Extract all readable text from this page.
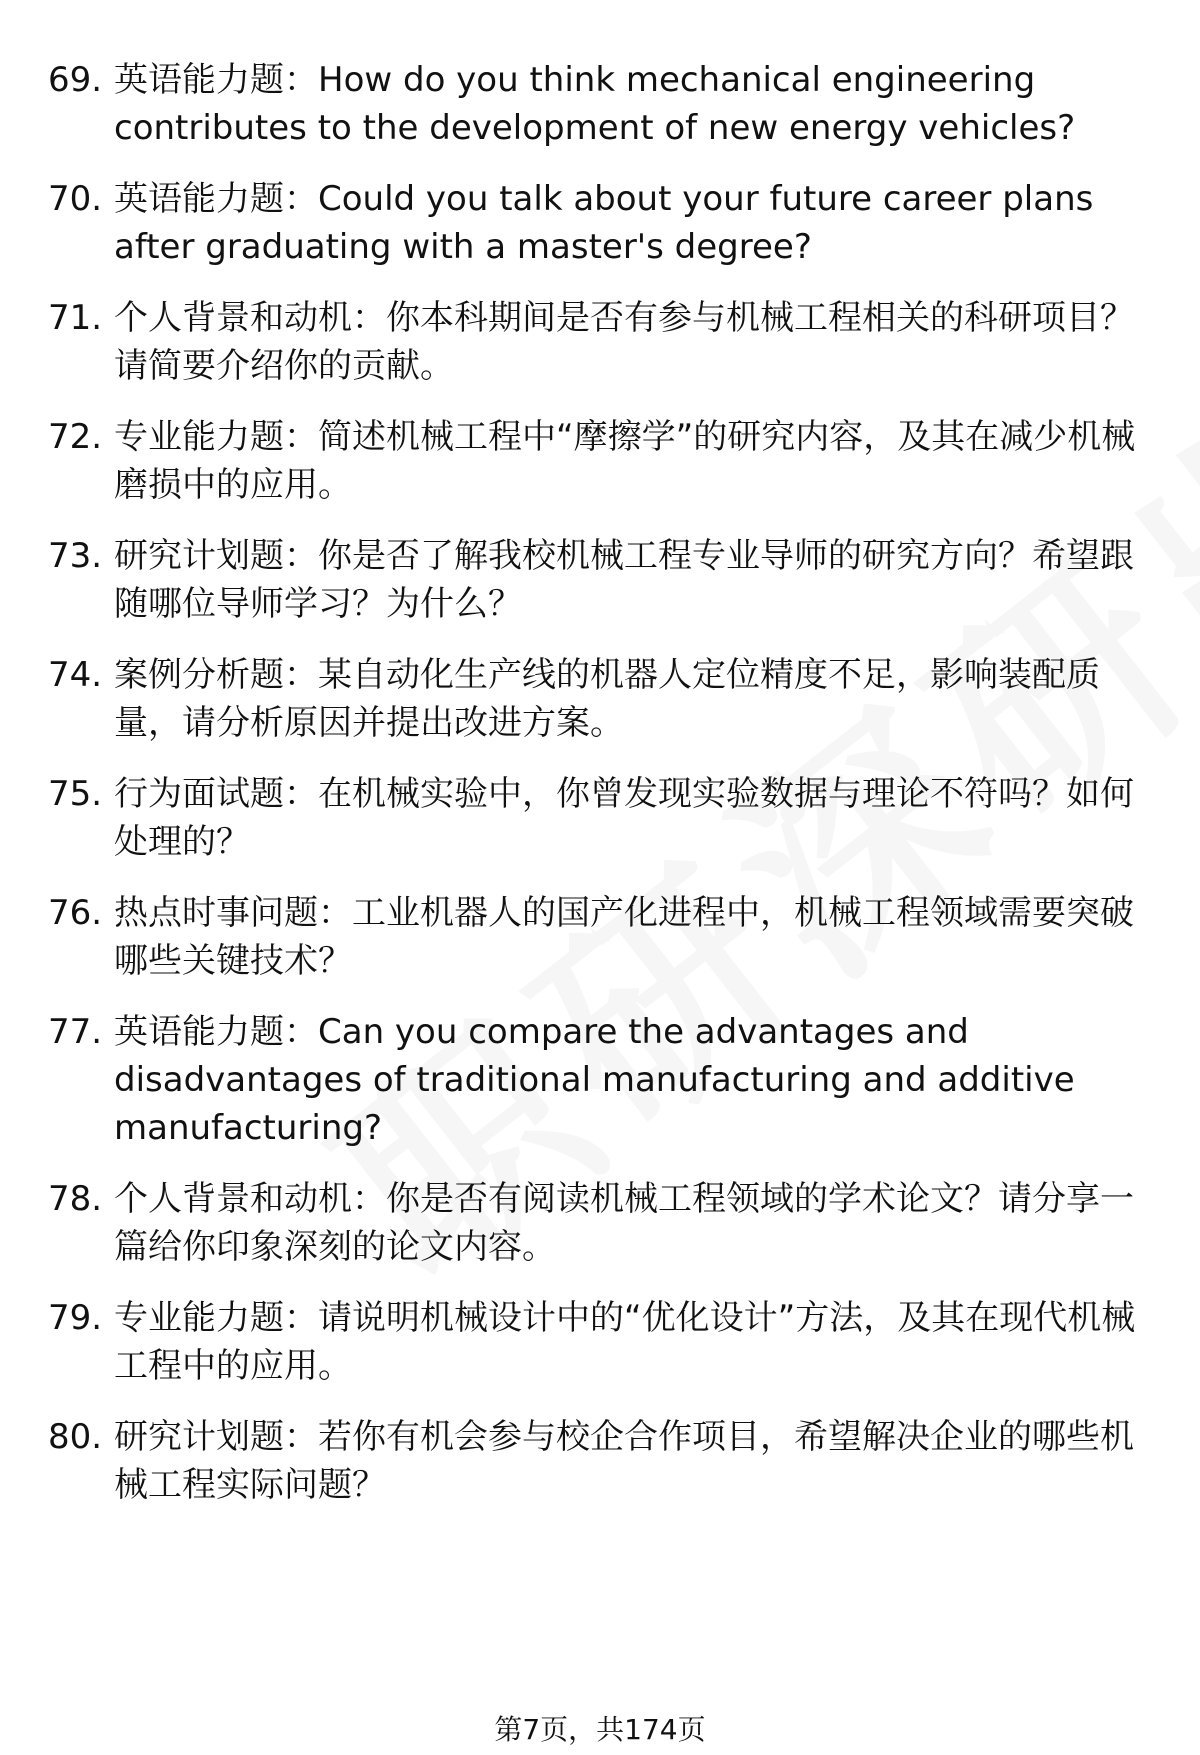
69. 英语能力题：How do you think mechanical engineering contributes to the development of new energy vehicles?
70. 英语能力题：Could you talk about your future career plans after graduating with a master's degree?
71. 个人背景和动机：你本科期间是否有参与机械工程相关的科研项目？请简要介绍你的贡献。
72. 专业能力题：简述机械工程中“摩擦学”的研究内容，及其在减少机械磨损中的应用。
73. 研究计划题：你是否了解我校机械工程专业导师的研究方向？希望跟随哪位导师学习？为什么？
74. 案例分析题：某自动化生产线的机器人定位精度不足，影响装配质量，请分析原因并提出改进方案。
75. 行为面试题：在机械实验中，你曾发现实验数据与理论不符吗？如何处理的？
76. 热点时事问题：工业机器人的国产化进程中，机械工程领域需要突破哪些关键技术？
77. 英语能力题：Can you compare the advantages and disadvantages of traditional manufacturing and additive manufacturing?
78. 个人背景和动机：你是否有阅读机械工程领域的学术论文？请分享一篇给你印象深刻的论文内容。
79. 专业能力题：请说明机械设计中的“优化设计”方法，及其在现代机械工程中的应用。
80. 研究计划题：若你有机会参与校企合作项目，希望解决企业的哪些机械工程实际问题？
第7页，共174页
